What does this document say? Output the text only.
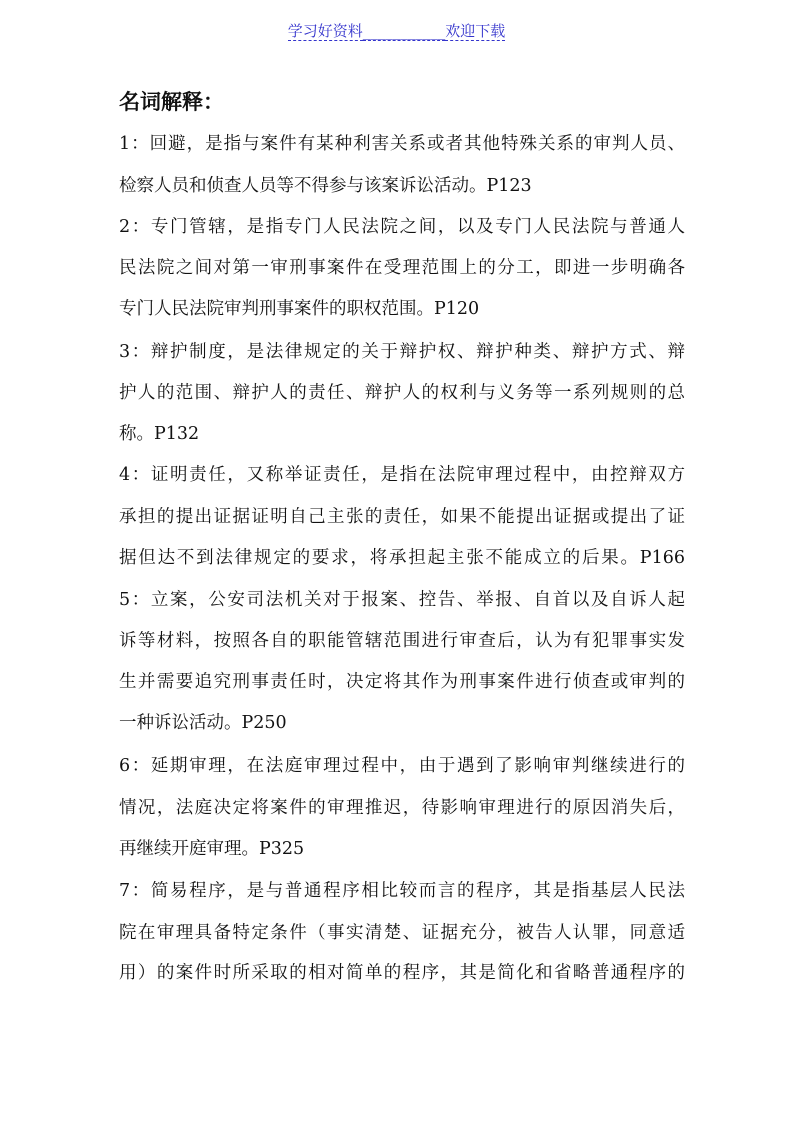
学习好资料___________欢迎下载
名词解释：
1：回避，是指与案件有某种利害关系或者其他特殊关系的审判人员、
检察人员和侦查人员等不得参与该案诉讼活动。P123
2：专门管辖，是指专门人民法院之间，以及专门人民法院与普通人
民法院之间对第一审刑事案件在受理范围上的分工，即进一步明确各
专门人民法院审判刑事案件的职权范围。P120
3：辩护制度，是法律规定的关于辩护权、辩护种类、辩护方式、辩
护人的范围、辩护人的责任、辩护人的权利与义务等一系列规则的总
称。P132
4：证明责任，又称举证责任，是指在法院审理过程中，由控辩双方
承担的提出证据证明自己主张的责任，如果不能提出证据或提出了证
据但达不到法律规定的要求，将承担起主张不能成立的后果。P166
5：立案，公安司法机关对于报案、控告、举报、自首以及自诉人起
诉等材料，按照各自的职能管辖范围进行审查后，认为有犯罪事实发
生并需要追究刑事责任时，决定将其作为刑事案件进行侦查或审判的
一种诉讼活动。P250
6：延期审理，在法庭审理过程中，由于遇到了影响审判继续进行的
情况，法庭决定将案件的审理推迟，待影响审理进行的原因消失后，
再继续开庭审理。P325
7：简易程序，是与普通程序相比较而言的程序，其是指基层人民法
院在审理具备特定条件（事实清楚、证据充分，被告人认罪，同意适
用）的案件时所采取的相对简单的程序，其是简化和省略普通程序的
